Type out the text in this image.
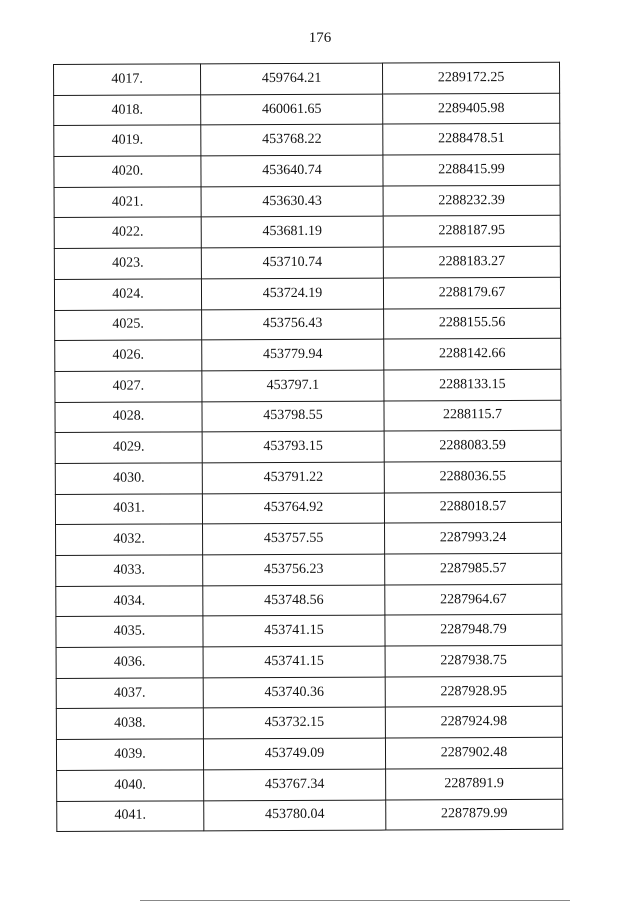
176
4017.	459764.21	2289172.25
4018.	460061.65	2289405.98
4019.	453768.22	2288478.51
4020.	453640.74	2288415.99
4021.	453630.43	2288232.39
4022.	453681.19	2288187.95
4023.	453710.74	2288183.27
4024.	453724.19	2288179.67
4025.	453756.43	2288155.56
4026.	453779.94	2288142.66
4027.	453797.1	2288133.15
4028.	453798.55	2288115.7
4029.	453793.15	2288083.59
4030.	453791.22	2288036.55
4031.	453764.92	2288018.57
4032.	453757.55	2287993.24
4033.	453756.23	2287985.57
4034.	453748.56	2287964.67
4035.	453741.15	2287948.79
4036.	453741.15	2287938.75
4037.	453740.36	2287928.95
4038.	453732.15	2287924.98
4039.	453749.09	2287902.48
4040.	453767.34	2287891.9
4041.	453780.04	2287879.99
